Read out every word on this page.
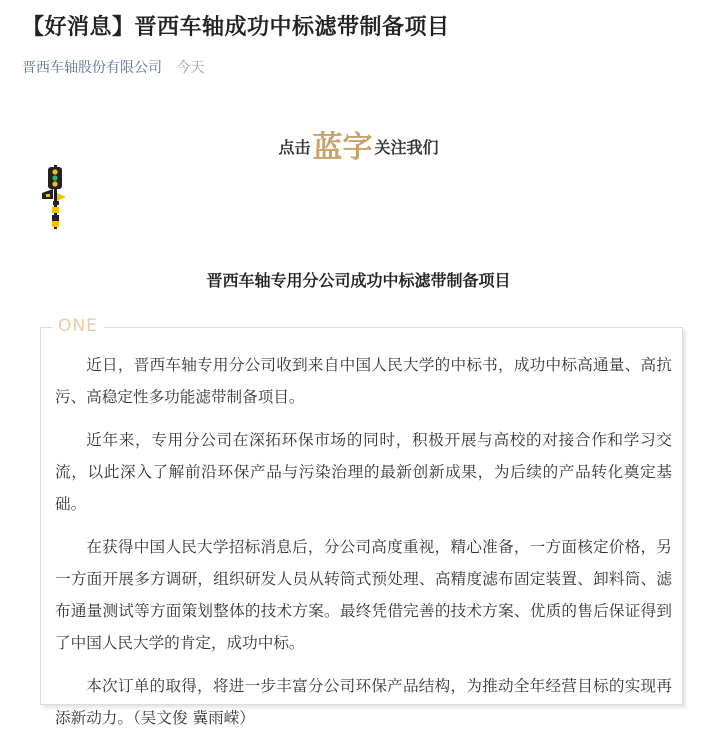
【好消息】晋西车轴成功中标滤带制备项目
晋西车轴股份有限公司 今天
点击蓝字 关注我们
晋西车轴专用分公司成功中标滤带制备项目
ONE

近日，晋西车轴专用分公司收到来自中国人民大学的中标书，成功中标高通量、高抗污、高稳定性多功能滤带制备项目。

近年来，专用分公司在深拓环保市场的同时，积极开展与高校的对接合作和学习交流，以此深入了解前沿环保产品与污染治理的最新创新成果，为后续的产品转化奠定基础。

在获得中国人民大学招标消息后，分公司高度重视，精心准备，一方面核定价格，另一方面开展多方调研，组织研发人员从转筒式预处理、高精度滤布固定装置、卸料筒、滤布通量测试等方面策划整体的技术方案。最终凭借完善的技术方案、优质的售后保证得到了中国人民大学的肯定，成功中标。

本次订单的取得，将进一步丰富分公司环保产品结构，为推动全年经营目标的实现再添新动力。（吴文俊 冀雨嵘）
